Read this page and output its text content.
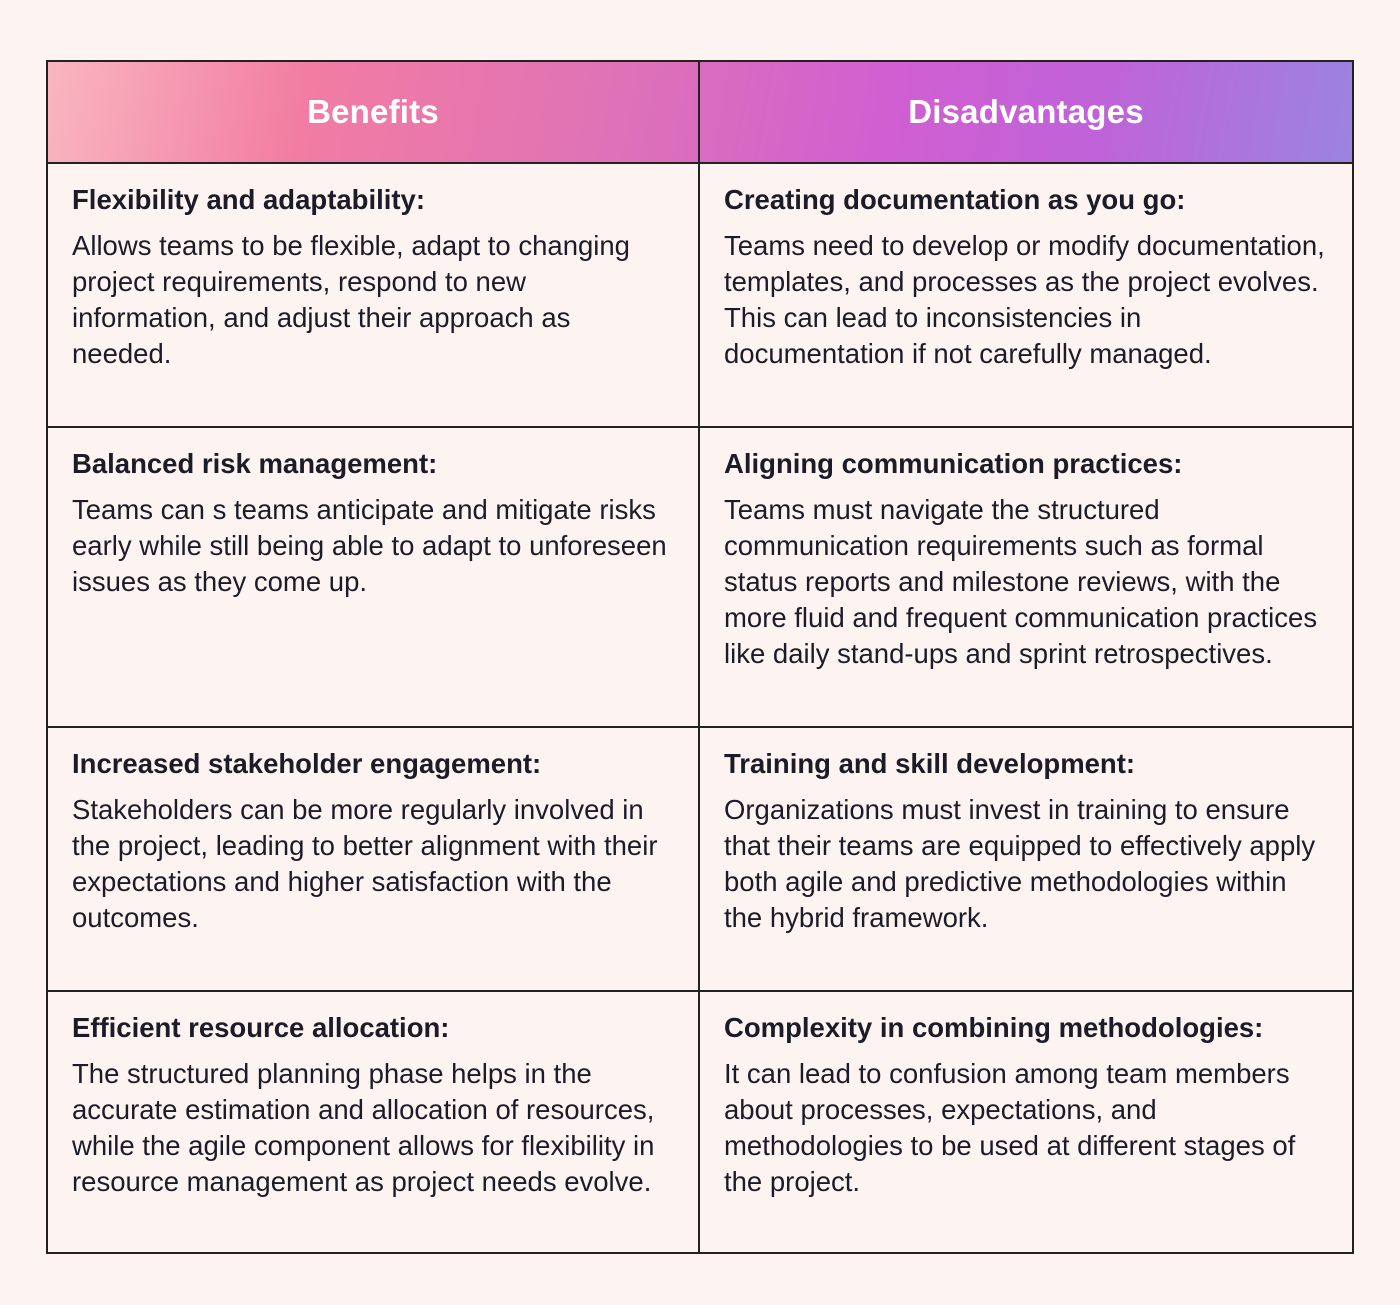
Benefits	Disadvantages
Flexibility and adaptability:
Allows teams to be flexible, adapt to changing project requirements, respond to new information, and adjust their approach as needed.
Creating documentation as you go:
Teams need to develop or modify documentation, templates, and processes as the project evolves. This can lead to inconsistencies in documentation if not carefully managed.
Balanced risk management:
Teams can s teams anticipate and mitigate risks early while still being able to adapt to unforeseen issues as they come up.
Aligning communication practices:
Teams must navigate the structured communication requirements such as formal status reports and milestone reviews, with the more fluid and frequent communication practices like daily stand-ups and sprint retrospectives.
Increased stakeholder engagement:
Stakeholders can be more regularly involved in the project, leading to better alignment with their expectations and higher satisfaction with the outcomes.
Training and skill development:
Organizations must invest in training to ensure that their teams are equipped to effectively apply both agile and predictive methodologies within the hybrid framework.
Efficient resource allocation:
The structured planning phase helps in the accurate estimation and allocation of resources, while the agile component allows for flexibility in resource management as project needs evolve.
Complexity in combining methodologies:
It can lead to confusion among team members about processes, expectations, and methodologies to be used at different stages of the project.
